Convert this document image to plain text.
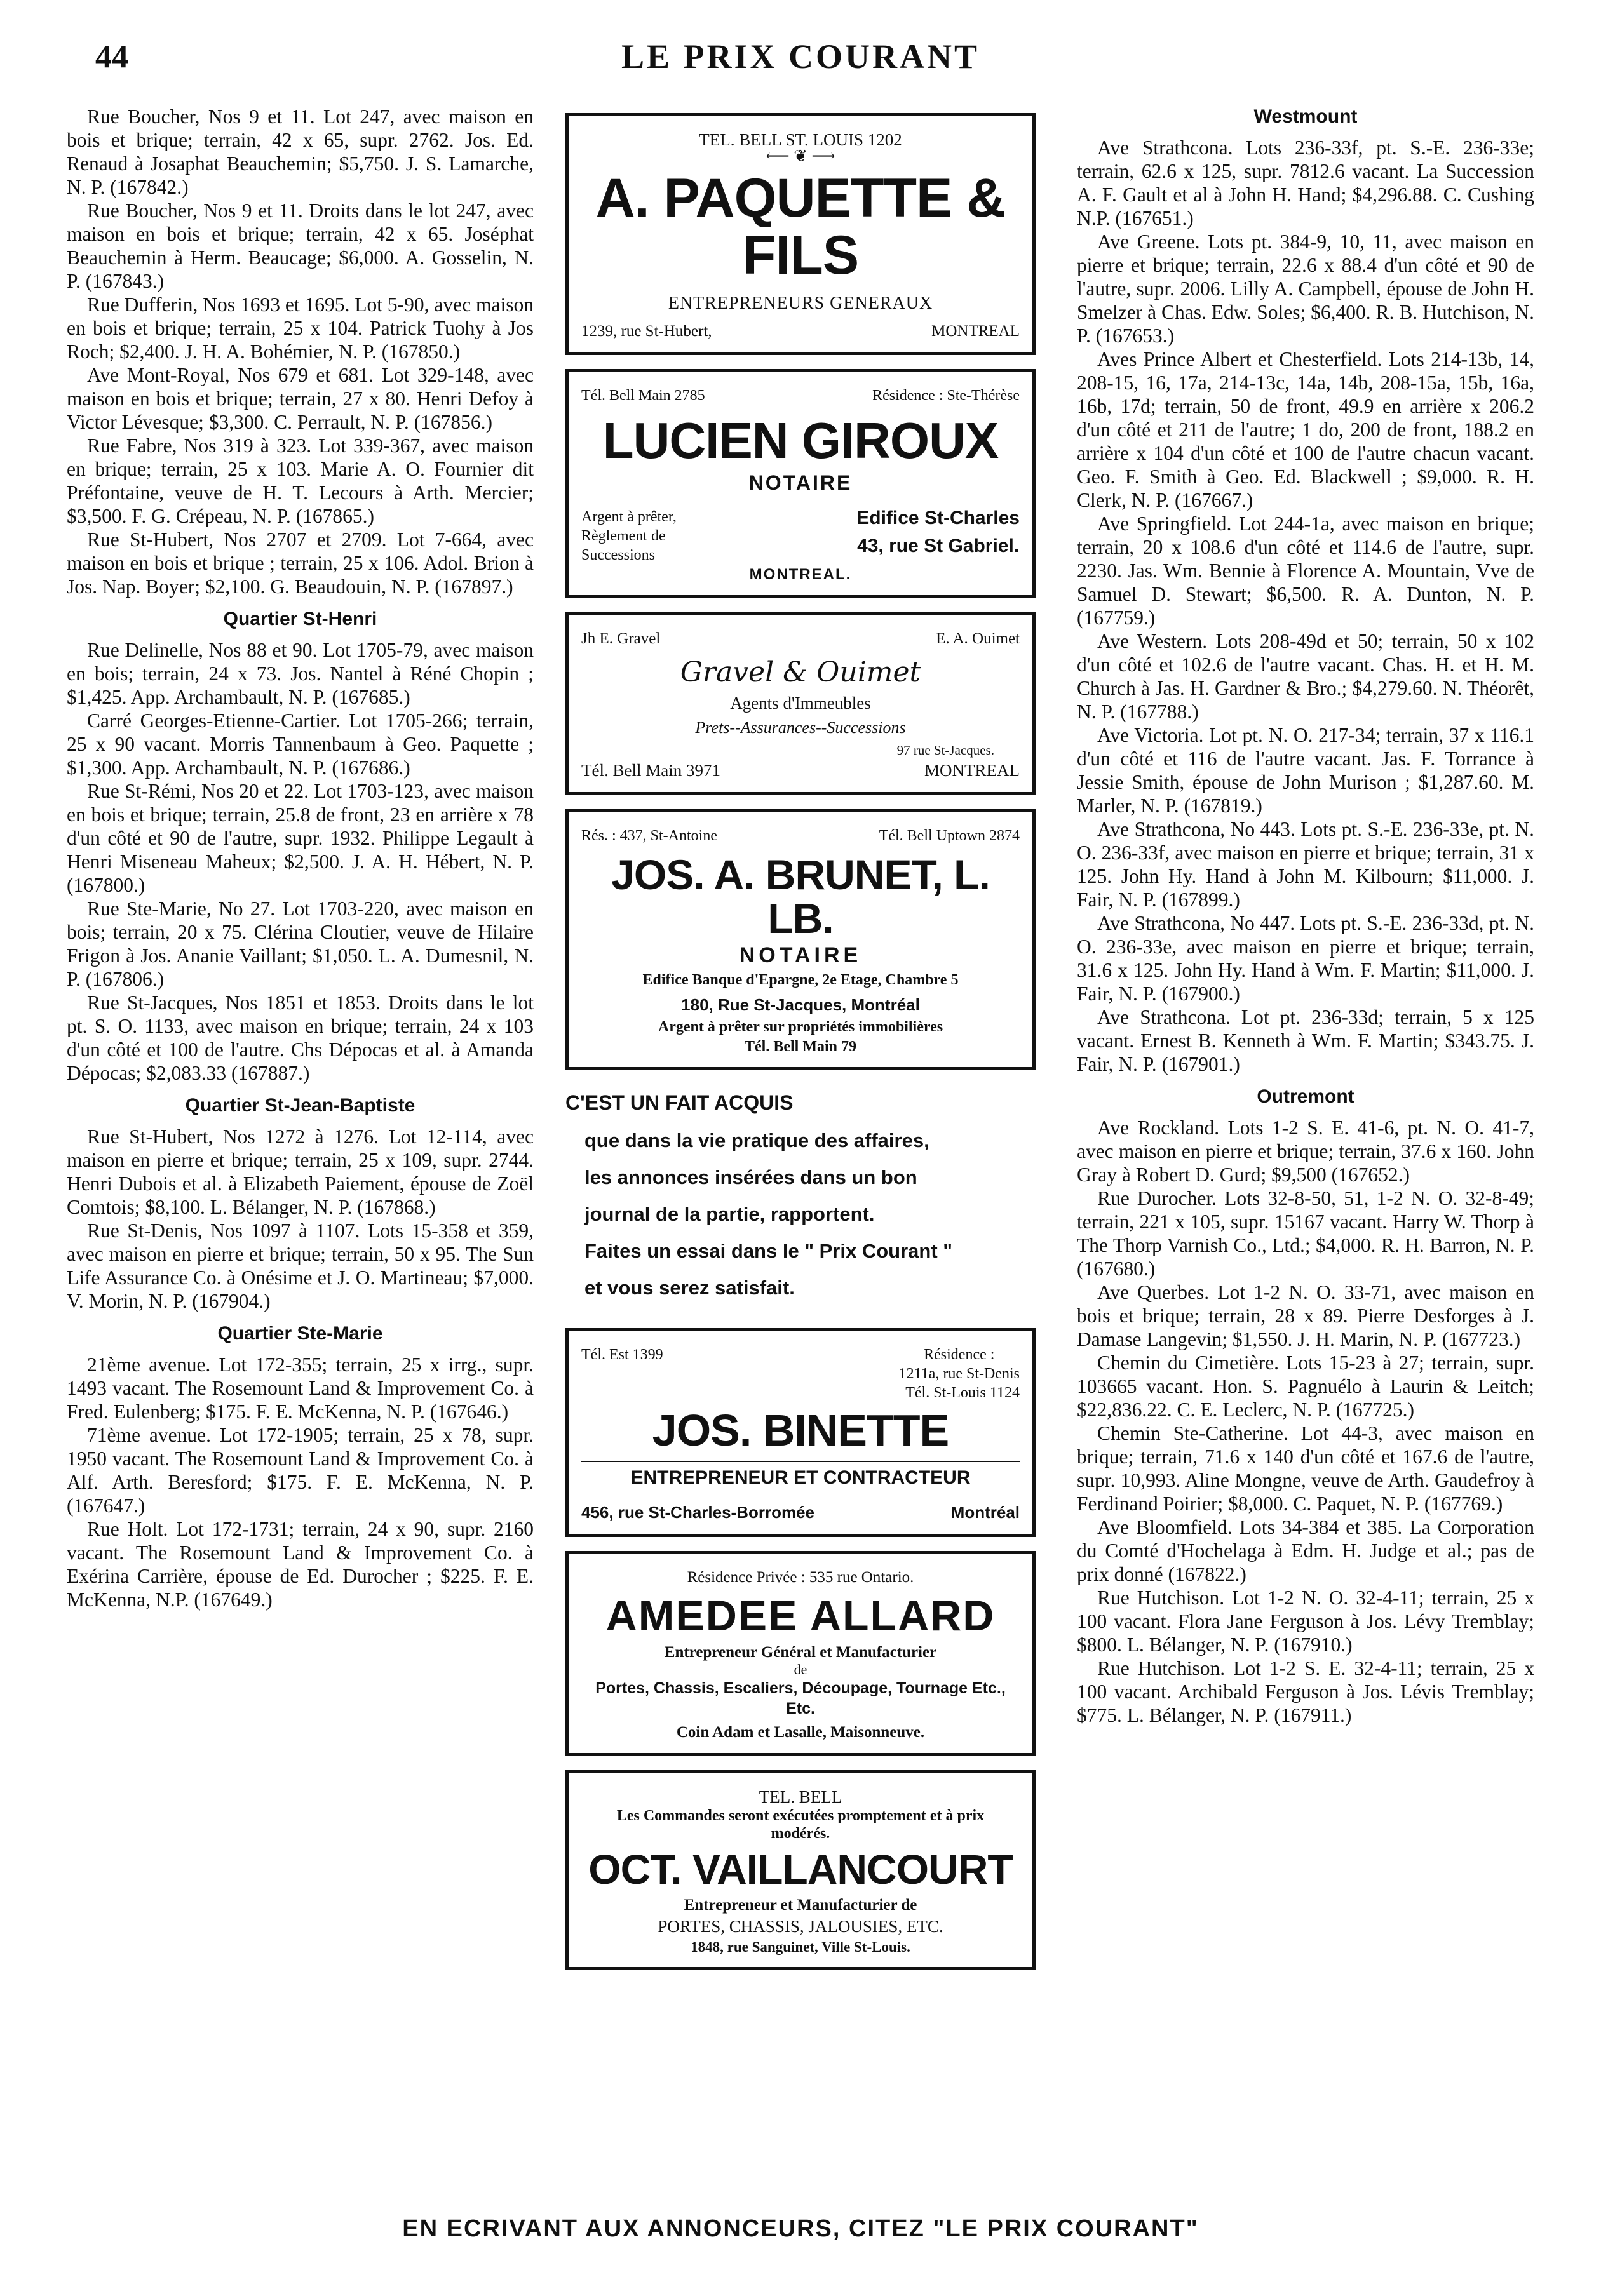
44	LE PRIX COURANT

Rue Boucher, Nos 9 et 11. Lot 247, avec maison en bois et brique; terrain, 42 x 65, supr. 2762. Jos. Ed. Renaud à Josaphat Beauchemin; $5,750. J. S. Lamarche, N. P. (167842.)

Rue Boucher, Nos 9 et 11. Droits dans le lot 247, avec maison en bois et brique; terrain, 42 x 65. Joséphat Beauchemin à Herm. Beaucage; $6,000. A. Gosselin, N. P. (167843.)

Rue Dufferin, Nos 1693 et 1695. Lot 5-90, avec maison en bois et brique; terrain, 25 x 104. Patrick Tuohy à Jos Roch; $2,400. J. H. A. Bohémier, N. P. (167850.)

Ave Mont-Royal, Nos 679 et 681. Lot 329-148, avec maison en bois et brique; terrain, 27 x 80. Henri Defoy à Victor Lévesque; $3,300. C. Perrault, N. P. (167856.)

Rue Fabre, Nos 319 à 323. Lot 339-367, avec maison en brique; terrain, 25 x 103. Marie A. O. Fournier dit Préfontaine, veuve de H. T. Lecours à Arth. Mercier; $3,500. F. G. Crépeau, N. P. (167865.)

Rue St-Hubert, Nos 2707 et 2709. Lot 7-664, avec maison en bois et brique ; terrain, 25 x 106. Adol. Brion à Jos. Nap. Boyer; $2,100. G. Beaudouin, N. P. (167897.)

Quartier St-Henri

Rue Delinelle, Nos 88 et 90. Lot 1705-79, avec maison en bois; terrain, 24 x 73. Jos. Nantel à Réné Chopin ; $1,425. App. Archambault, N. P. (167685.)

Carré Georges-Etienne-Cartier. Lot 1705-266; terrain, 25 x 90 vacant. Morris Tannenbaum à Geo. Paquette ; $1,300. App. Archambault, N. P. (167686.)

Rue St-Rémi, Nos 20 et 22. Lot 1703-123, avec maison en bois et brique; terrain, 25.8 de front, 23 en arrière x 78 d'un côté et 90 de l'autre, supr. 1932. Philippe Legault à Henri Miseneau Maheux; $2,500. J. A. H. Hébert, N. P. (167800.)

Rue Ste-Marie, No 27. Lot 1703-220, avec maison en bois; terrain, 20 x 75. Clérina Cloutier, veuve de Hilaire Frigon à Jos. Ananie Vaillant; $1,050. L. A. Dumesnil, N. P. (167806.)

Rue St-Jacques, Nos 1851 et 1853. Droits dans le lot pt. S. O. 1133, avec maison en brique; terrain, 24 x 103 d'un côté et 100 de l'autre. Chs Dépocas et al. à Amanda Dépocas; $2,083.33 (167887.)

Quartier St-Jean-Baptiste

Rue St-Hubert, Nos 1272 à 1276. Lot 12-114, avec maison en pierre et brique; terrain, 25 x 109, supr. 2744. Henri Dubois et al. à Elizabeth Paiement, épouse de Zoël Comtois; $8,100. L. Bélanger, N. P. (167868.)

Rue St-Denis, Nos 1097 à 1107. Lots 15-358 et 359, avec maison en pierre et brique; terrain, 50 x 95. The Sun Life Assurance Co. à Onésime et J. O. Martineau; $7,000. V. Morin, N. P. (167904.)

Quartier Ste-Marie

21ème avenue. Lot 172-355; terrain, 25 x irrg., supr. 1493 vacant. The Rosemount Land & Improvement Co. à Fred. Eulenberg; $175. F. E. McKenna, N. P. (167646.)

71ème avenue. Lot 172-1905; terrain, 25 x 78, supr. 1950 vacant. The Rosemount Land & Improvement Co. à Alf. Arth. Beresford; $175. F. E. McKenna, N. P. (167647.)

Rue Holt. Lot 172-1731; terrain, 24 x 90, supr. 2160 vacant. The Rosemount Land & Improvement Co. à Exérina Carrière, épouse de Ed. Durocher ; $225. F. E. McKenna, N.P. (167649.)

TEL. BELL ST. LOUIS 1202
⟵ ❦ ⟶
A. PAQUETTE & FILS
ENTREPRENEURS GENERAUX
1239, rue St-Hubert,	MONTREAL
Tél. Bell Main 2785	Résidence : Ste-Thérèse
LUCIEN GIROUX
NOTAIRE
Argent à prêter, Règlement de Successions
Edifice St-Charles
43, rue St Gabriel.
MONTREAL.
Jh E. Gravel	E. A. Ouimet
Gravel & Ouimet
Agents d'Immeubles
Prets--Assurances--Successions
97 rue St-Jacques.
Tél. Bell Main 3971	MONTREAL
Rés. : 437, St-Antoine	Tél. Bell Uptown 2874
JOS. A. BRUNET, L. LB.
NOTAIRE
Edifice Banque d'Epargne, 2e Etage, Chambre 5
180, Rue St-Jacques, Montréal
Argent à prêter sur propriétés immobilières
Tél. Bell Main 79
C'EST UN FAIT ACQUIS
que dans la vie pratique des affaires,
les annonces insérées dans un bon
journal de la partie, rapportent.
Faites un essai dans le " Prix Courant "
et vous serez satisfait.
Tél. Est 1399	Résidence :
1211a, rue St-Denis
Tél. St-Louis 1124
JOS. BINETTE
ENTREPRENEUR ET CONTRACTEUR
456, rue St-Charles-Borromée	Montréal
Résidence Privée : 535 rue Ontario.
AMEDEE ALLARD
Entrepreneur Général et Manufacturier
de
Portes, Chassis, Escaliers, Découpage, Tournage Etc., Etc.
Coin Adam et Lasalle, Maisonneuve.
TEL. BELL
Les Commandes seront exécutées promptement et à prix modérés.
OCT. VAILLANCOURT
Entrepreneur et Manufacturier de
PORTES, CHASSIS, JALOUSIES, ETC.
1848, rue Sanguinet, Ville St-Louis.
Westmount

Ave Strathcona. Lots 236-33f, pt. S.-E. 236-33e; terrain, 62.6 x 125, supr. 7812.6 vacant. La Succession A. F. Gault et al à John H. Hand; $4,296.88. C. Cushing N.P. (167651.)

Ave Greene. Lots pt. 384-9, 10, 11, avec maison en pierre et brique; terrain, 22.6 x 88.4 d'un côté et 90 de l'autre, supr. 2006. Lilly A. Campbell, épouse de John H. Smelzer à Chas. Edw. Soles; $6,400. R. B. Hutchison, N. P. (167653.)

Aves Prince Albert et Chesterfield. Lots 214-13b, 14, 208-15, 16, 17a, 214-13c, 14a, 14b, 208-15a, 15b, 16a, 16b, 17d; terrain, 50 de front, 49.9 en arrière x 206.2 d'un côté et 211 de l'autre; 1 do, 200 de front, 188.2 en arrière x 104 d'un côté et 100 de l'autre chacun vacant. Geo. F. Smith à Geo. Ed. Blackwell ; $9,000. R. H. Clerk, N. P. (167667.)

Ave Springfield. Lot 244-1a, avec maison en brique; terrain, 20 x 108.6 d'un côté et 114.6 de l'autre, supr. 2230. Jas. Wm. Bennie à Florence A. Mountain, Vve de Samuel D. Stewart; $6,500. R. A. Dunton, N. P. (167759.)

Ave Western. Lots 208-49d et 50; terrain, 50 x 102 d'un côté et 102.6 de l'autre vacant. Chas. H. et H. M. Church à Jas. H. Gardner & Bro.; $4,279.60. N. Théorêt, N. P. (167788.)

Ave Victoria. Lot pt. N. O. 217-34; terrain, 37 x 116.1 d'un côté et 116 de l'autre vacant. Jas. F. Torrance à Jessie Smith, épouse de John Murison ; $1,287.60. M. Marler, N. P. (167819.)

Ave Strathcona, No 443. Lots pt. S.-E. 236-33e, pt. N. O. 236-33f, avec maison en pierre et brique; terrain, 31 x 125. John Hy. Hand à John M. Kilbourn; $11,000. J. Fair, N. P. (167899.)

Ave Strathcona, No 447. Lots pt. S.-E. 236-33d, pt. N. O. 236-33e, avec maison en pierre et brique; terrain, 31.6 x 125. John Hy. Hand à Wm. F. Martin; $11,000. J. Fair, N. P. (167900.)

Ave Strathcona. Lot pt. 236-33d; terrain, 5 x 125 vacant. Ernest B. Kenneth à Wm. F. Martin; $343.75. J. Fair, N. P. (167901.)

Outremont

Ave Rockland. Lots 1-2 S. E. 41-6, pt. N. O. 41-7, avec maison en pierre et brique; terrain, 37.6 x 160. John Gray à Robert D. Gurd; $9,500 (167652.)

Rue Durocher. Lots 32-8-50, 51, 1-2 N. O. 32-8-49; terrain, 221 x 105, supr. 15167 vacant. Harry W. Thorp à The Thorp Varnish Co., Ltd.; $4,000. R. H. Barron, N. P. (167680.)

Ave Querbes. Lot 1-2 N. O. 33-71, avec maison en bois et brique; terrain, 28 x 89. Pierre Desforges à J. Damase Langevin; $1,550. J. H. Marin, N. P. (167723.)

Chemin du Cimetière. Lots 15-23 à 27; terrain, supr. 103665 vacant. Hon. S. Pagnuélo à Laurin & Leitch; $22,836.22. C. E. Leclerc, N. P. (167725.)

Chemin Ste-Catherine. Lot 44-3, avec maison en brique; terrain, 71.6 x 140 d'un côté et 167.6 de l'autre, supr. 10,993. Aline Mongne, veuve de Arth. Gaudefroy à Ferdinand Poirier; $8,000. C. Paquet, N. P. (167769.)

Ave Bloomfield. Lots 34-384 et 385. La Corporation du Comté d'Hochelaga à Edm. H. Judge et al.; pas de prix donné (167822.)

Rue Hutchison. Lot 1-2 N. O. 32-4-11; terrain, 25 x 100 vacant. Flora Jane Ferguson à Jos. Lévy Tremblay; $800. L. Bélanger, N. P. (167910.)

Rue Hutchison. Lot 1-2 S. E. 32-4-11; terrain, 25 x 100 vacant. Archibald Ferguson à Jos. Lévis Tremblay; $775. L. Bélanger, N. P. (167911.)

EN ECRIVANT AUX ANNONCEURS, CITEZ "LE PRIX COURANT"
